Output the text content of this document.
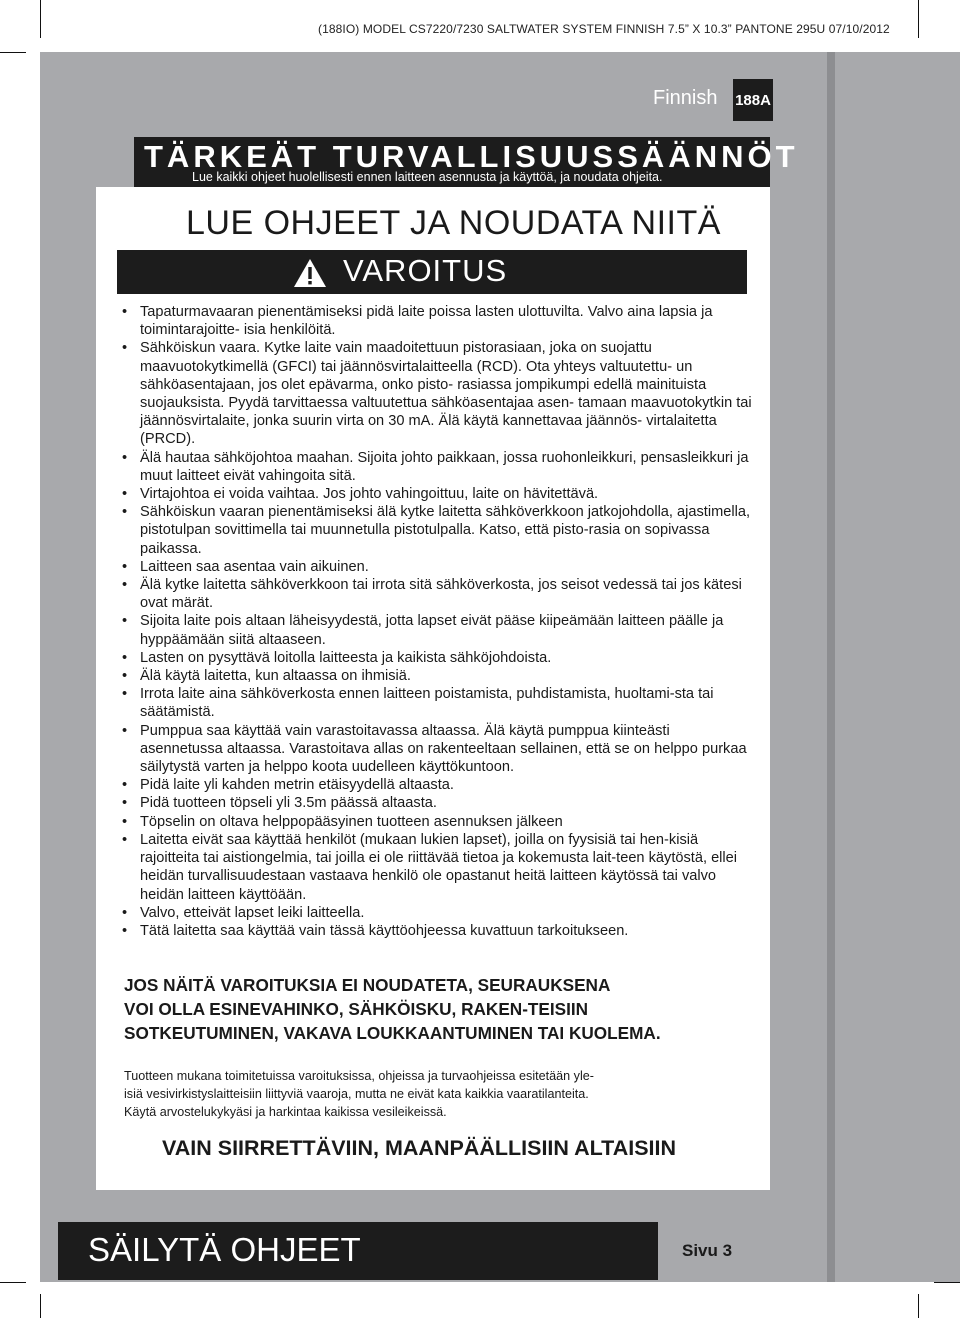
(188IO) MODEL CS7220/7230 SALTWATER SYSTEM FINNISH 7.5” X 10.3” PANTONE 295U 07/10/2012
Finnish 188A
TÄRKEÄT TURVALLISUUSSÄÄNNÖT
Lue kaikki ohjeet huolellisesti ennen laitteen asennusta ja käyttöä, ja noudata ohjeita.
LUE OHJEET JA NOUDATA NIITÄ
VAROITUS
• Tapaturmavaaran pienentämiseksi pidä laite poissa lasten ulottuvilta. Valvo aina lapsia ja toimintarajoitte- isia henkilöitä.
• Sähköiskun vaara. Kytke laite vain maadoitettuun pistorasiaan, joka on suojattu maavuotokytkimellä (GFCI) tai jäännösvirtalaitteella (RCD). Ota yhteys valtuutettu- un sähköasentajaan, jos olet epävarma, onko pisto- rasiassa jompikumpi edellä mainituista suojauksista. Pyydä tarvittaessa valtuutettua sähköasentajaa asen- tamaan maavuotokytkin tai jäännösvirtalaite, jonka suurin virta on 30 mA. Älä käytä kannettavaa jäännös- virtalaitetta (PRCD).
• Älä hautaa sähköjohtoa maahan. Sijoita johto paikkaan, jossa ruohonleikkuri, pensasleikkuri ja muut laitteet eivät vahingoita sitä.
• Virtajohtoa ei voida vaihtaa. Jos johto vahingoittuu, laite on hävitettävä.
• Sähköiskun vaaran pienentämiseksi älä kytke laitetta sähköverkkoon jatkojohdolla, ajastimella, pistotulpan sovittimella tai muunnetulla pistotulpalla. Katso, että pisto-rasia on sopivassa paikassa.
• Laitteen saa asentaa vain aikuinen.
• Älä kytke laitetta sähköverkkoon tai irrota sitä sähköverkosta, jos seisot vedessä tai jos kätesi ovat märät.
• Sijoita laite pois altaan läheisyydestä, jotta lapset eivät pääse kiipeämään laitteen päälle ja hyppäämään siitä altaaseen.
• Lasten on pysyttävä loitolla laitteesta ja kaikista sähköjohdoista.
• Älä käytä laitetta, kun altaassa on ihmisiä.
• Irrota laite aina sähköverkosta ennen laitteen poistamista, puhdistamista, huoltami-sta tai säätämistä.
• Pumppua saa käyttää vain varastoitavassa altaassa. Älä käytä pumppua kiinteästi asennetussa altaassa. Varastoitava allas on rakenteeltaan sellainen, että se on helppo purkaa säilytystä varten ja helppo koota uudelleen käyttökuntoon.
• Pidä laite yli kahden metrin etäisyydellä altaasta.
• Pidä tuotteen töpseli yli 3.5m päässä altaasta.
• Töpselin on oltava helppopääsyinen tuotteen asennuksen jälkeen
• Laitetta eivät saa käyttää henkilöt (mukaan lukien lapset), joilla on fyysisiä tai hen-kisiä rajoitteita tai aistiongelmia, tai joilla ei ole riittävää tietoa ja kokemusta lait-teen käytöstä, ellei heidän turvallisuudestaan vastaava henkilö ole opastanut heitä laitteen käytössä tai valvo heidän laitteen käyttöään.
• Valvo, etteivät lapset leiki laitteella.
• Tätä laitetta saa käyttää vain tässä käyttöohjeessa kuvattuun tarkoitukseen.
JOS NÄITÄ VAROITUKSIA EI NOUDATETA, SEURAUKSENA
VOI OLLA ESINEVAHINKO, SÄHKÖISKU, RAKEN-TEISIIN
SOTKEUTUMINEN, VAKAVA LOUKKAANTUMINEN TAI KUOLEMA.
Tuotteen mukana toimitetuissa varoituksissa, ohjeissa ja turvaohjeissa esitetään yle-
isiä vesivirkistyslaitteisiin liittyviä vaaroja, mutta ne eivät kata kaikkia vaaratilanteita.
Käytä arvostelukykyäsi ja harkintaa kaikissa vesileikeissä.
VAIN SIIRRETTÄVIIN, MAANPÄÄLLISIIN ALTAISIIN
SÄILYTÄ OHJEET	Sivu 3
